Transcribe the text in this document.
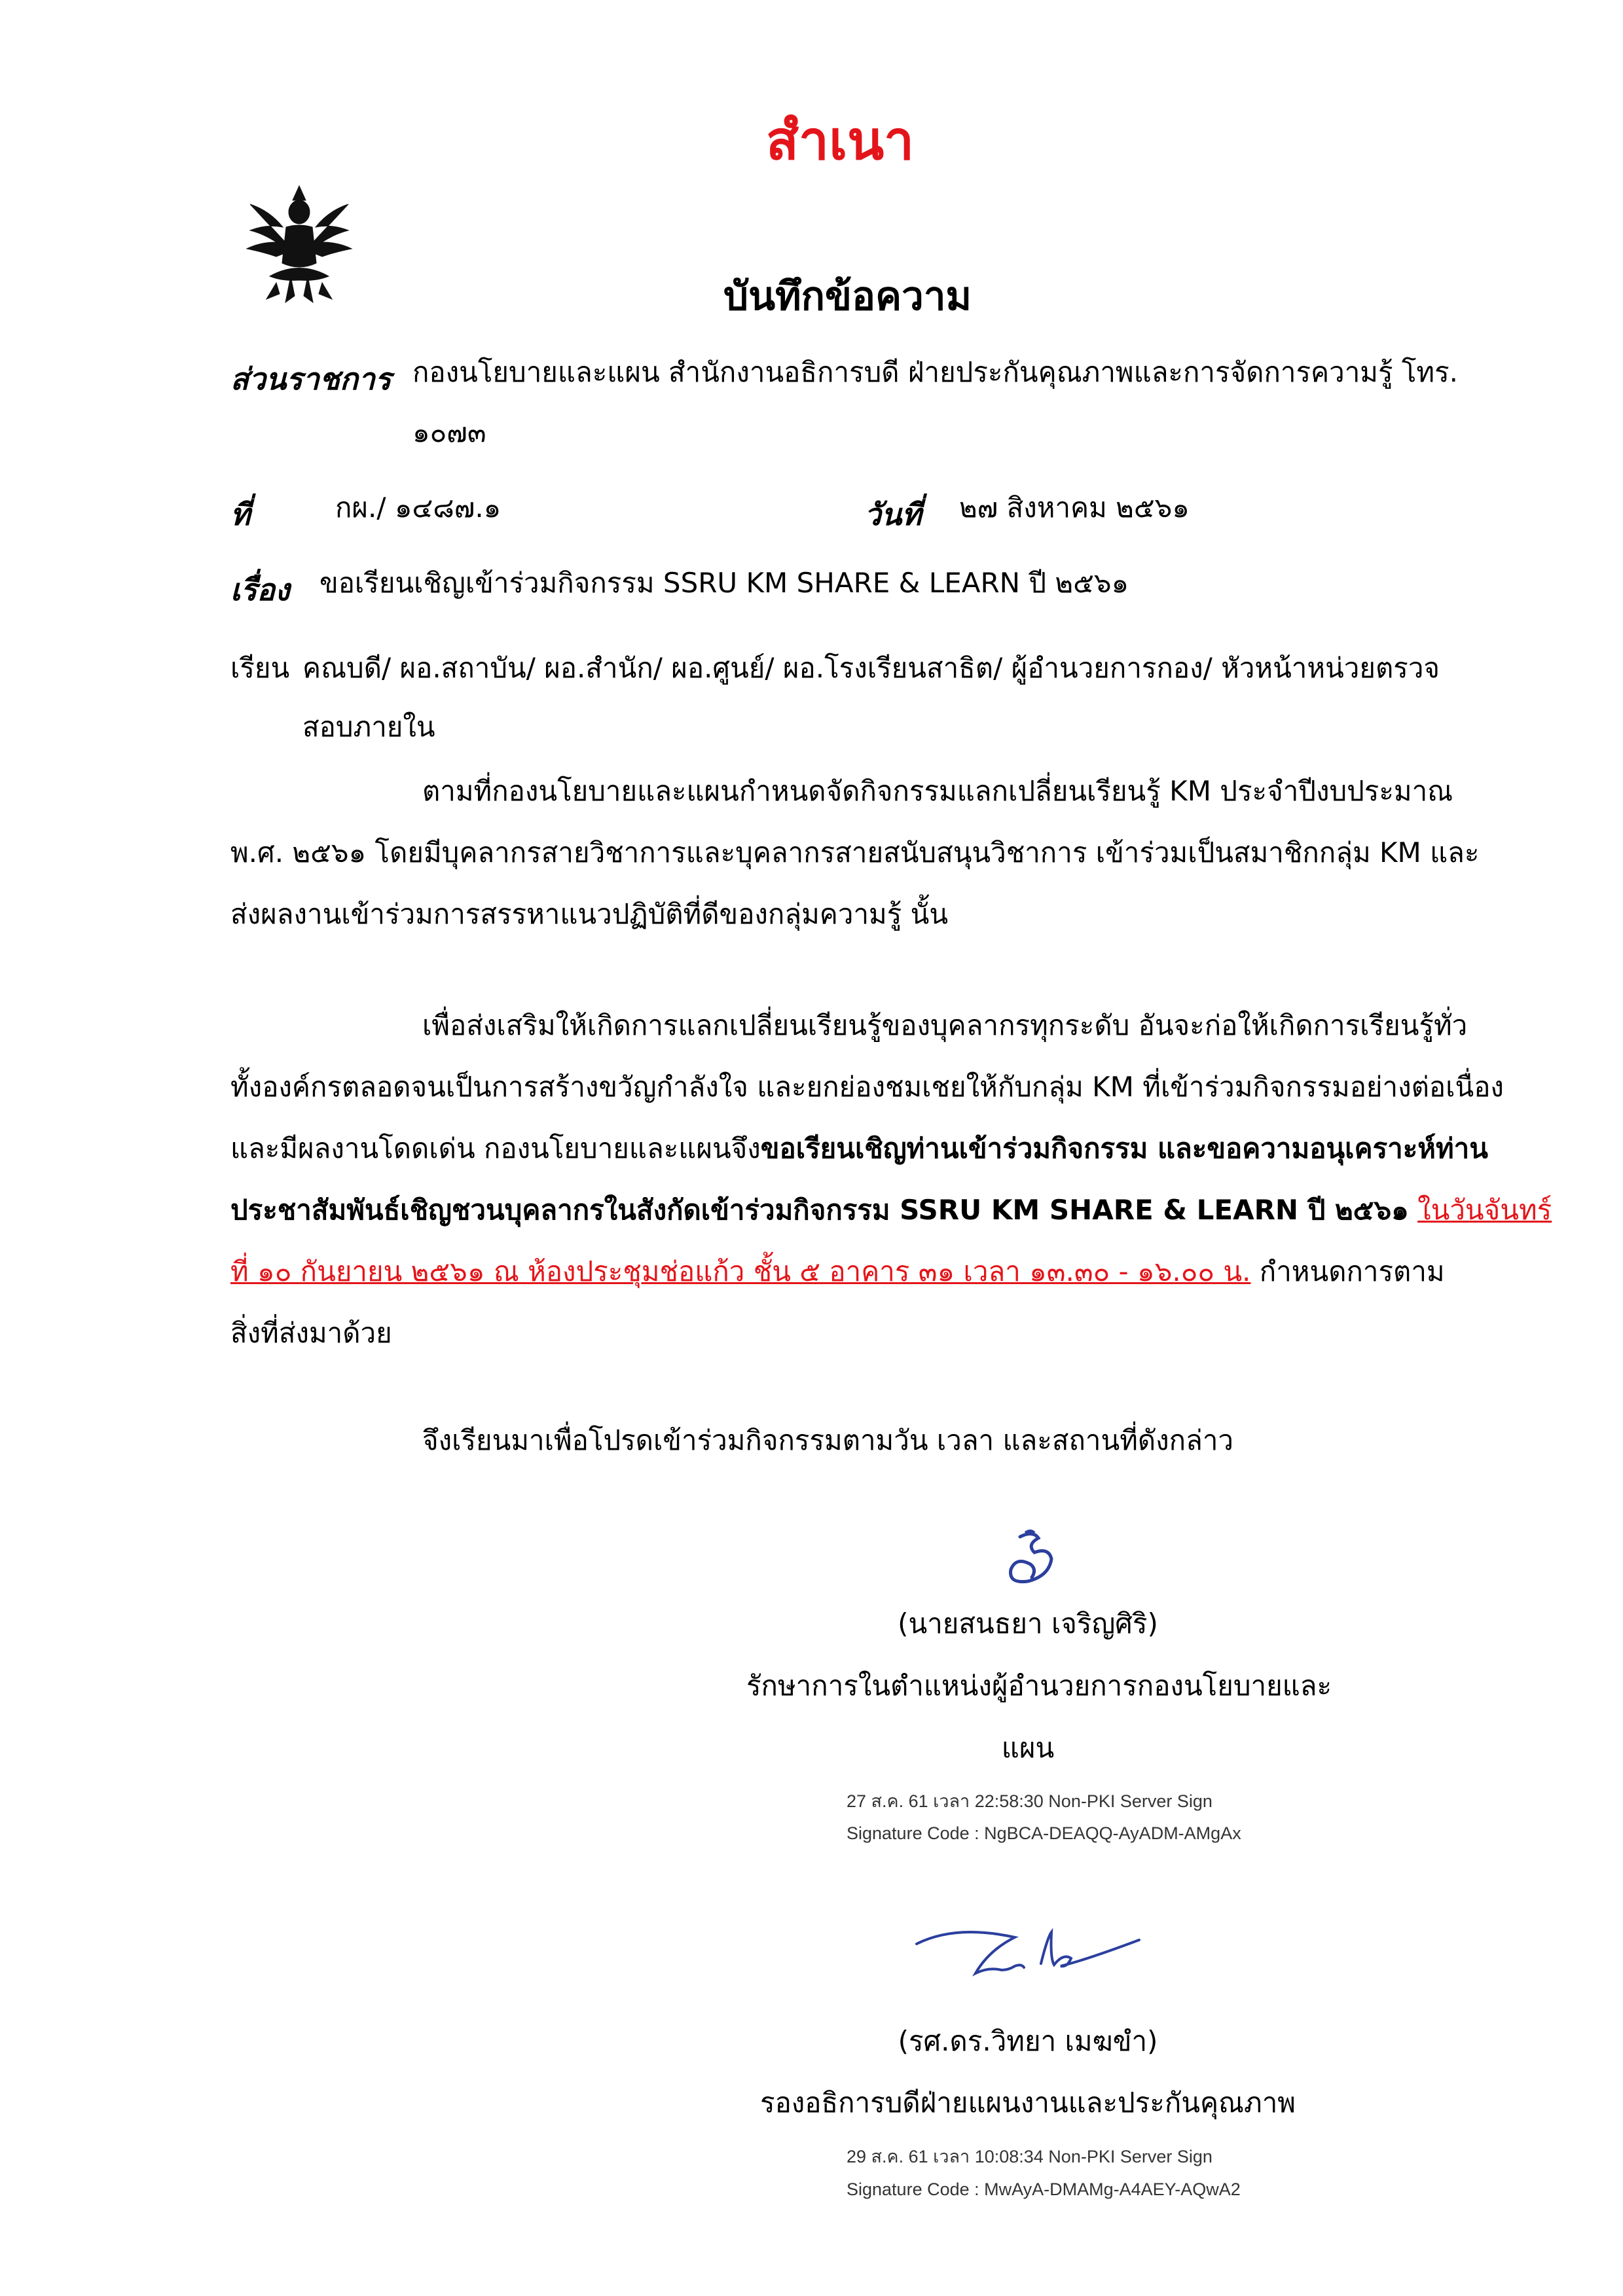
สำเนา
บันทึกข้อความ
ส่วนราชการ กองนโยบายและแผน สำนักงานอธิการบดี ฝ่ายประกันคุณภาพและการจัดการความรู้ โทร.
๑๐๗๓
ที่	กผ./ ๑๔๘๗.๑	วันที่ ๒๗ สิงหาคม ๒๕๖๑
เรื่อง ขอเรียนเชิญเข้าร่วมกิจกรรม SSRU KM SHARE & LEARN ปี ๒๕๖๑
เรียน คณบดี/ ผอ.สถาบัน/ ผอ.สำนัก/ ผอ.ศูนย์/ ผอ.โรงเรียนสาธิต/ ผู้อำนวยการกอง/ หัวหน้าหน่วยตรวจ
สอบภายใน
ตามที่กองนโยบายและแผนกำหนดจัดกิจกรรมแลกเปลี่ยนเรียนรู้ KM ประจำปีงบประมาณ
พ.ศ. ๒๕๖๑ โดยมีบุคลากรสายวิชาการและบุคลากรสายสนับสนุนวิชาการ เข้าร่วมเป็นสมาชิกกลุ่ม KM และ
ส่งผลงานเข้าร่วมการสรรหาแนวปฏิบัติที่ดีของกลุ่มความรู้ นั้น
เพื่อส่งเสริมให้เกิดการแลกเปลี่ยนเรียนรู้ของบุคลากรทุกระดับ อันจะก่อให้เกิดการเรียนรู้ทั่ว
ทั้งองค์กรตลอดจนเป็นการสร้างขวัญกำลังใจ และยกย่องชมเชยให้กับกลุ่ม KM ที่เข้าร่วมกิจกรรมอย่างต่อเนื่อง
และมีผลงานโดดเด่น กองนโยบายและแผนจึงขอเรียนเชิญท่านเข้าร่วมกิจกรรม และขอความอนุเคราะห์ท่าน
ประชาสัมพันธ์เชิญชวนบุคลากรในสังกัดเข้าร่วมกิจกรรม SSRU KM SHARE & LEARN ปี ๒๕๖๑ ในวันจันทร์
ที่ ๑๐ กันยายน ๒๕๖๑ ณ ห้องประชุมช่อแก้ว ชั้น ๕ อาคาร ๓๑ เวลา ๑๓.๓๐ - ๑๖.๐๐ น. กำหนดการตาม
สิ่งที่ส่งมาด้วย
จึงเรียนมาเพื่อโปรดเข้าร่วมกิจกรรมตามวัน เวลา และสถานที่ดังกล่าว
(นายสนธยา เจริญศิริ)
รักษาการในตำแหน่งผู้อำนวยการกองนโยบายและ
แผน
27 ส.ค. 61 เวลา 22:58:30 Non-PKI Server Sign
Signature Code : NgBCA-DEAQQ-AyADM-AMgAx
(รศ.ดร.วิทยา เมฆขำ)
รองอธิการบดีฝ่ายแผนงานและประกันคุณภาพ
29 ส.ค. 61 เวลา 10:08:34 Non-PKI Server Sign
Signature Code : MwAyA-DMAMg-A4AEY-AQwA2
